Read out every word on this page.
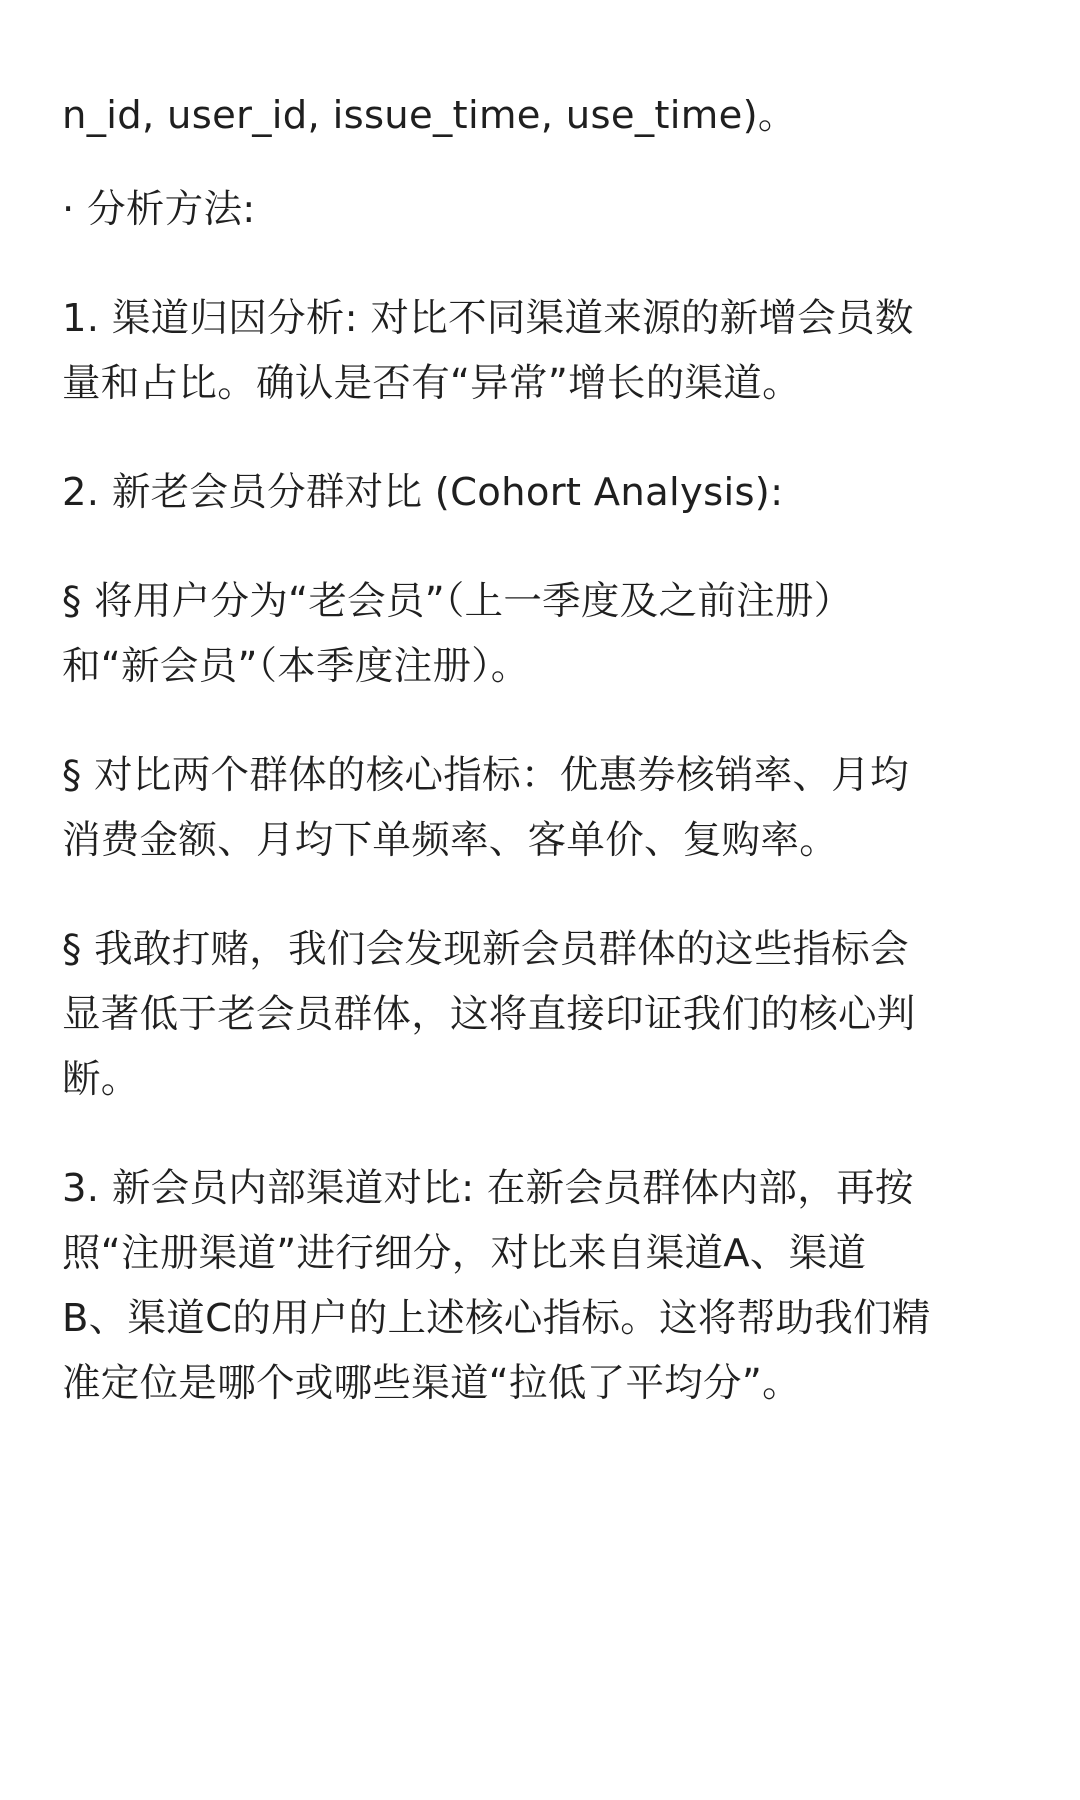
n_id, user_id, issue_time, use_time)。
· 分析方法:
1. 渠道归因分析: 对比不同渠道来源的新增会员数
量和占比。确认是否有“异常”增长的渠道。
2. 新老会员分群对比 (Cohort Analysis):
§ 将用户分为“老会员”（上一季度及之前注册）
和“新会员”（本季度注册）。
§ 对比两个群体的核心指标：优惠券核销率、月均
消费金额、月均下单频率、客单价、复购率。
§ 我敢打赌，我们会发现新会员群体的这些指标会
显著低于老会员群体，这将直接印证我们的核心判
断。
3. 新会员内部渠道对比: 在新会员群体内部，再按
照“注册渠道”进行细分，对比来自渠道A、渠道
B、渠道C的用户的上述核心指标。这将帮助我们精
准定位是哪个或哪些渠道“拉低了平均分”。
